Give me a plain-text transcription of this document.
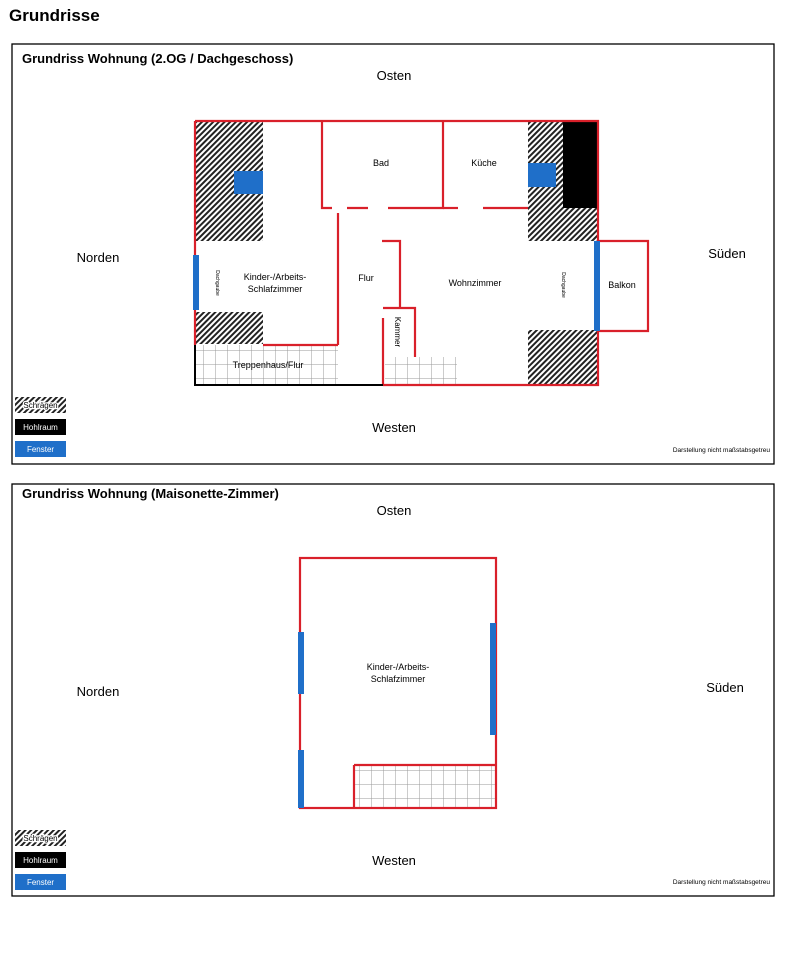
Grundrisse
Grundriss Wohnung (2.OG / Dachgeschoss)
Osten
Westen
Norden	Süden
Bad	Küche
Kinder-/Arbeits-
Schlafzimmer
Flur	Wohnzimmer	Balkon
Treppenhaus/Flur
Kammer
Dachgaube	Dachgaube
Schrägen
Hohlraum
Fenster	Darstellung nicht maßstabsgetreu
Grundriss Wohnung (Maisonette-Zimmer)
Osten
Westen
Norden	Süden
Kinder-/Arbeits-
Schlafzimmer
Schrägen
Hohlraum
Fenster	Darstellung nicht maßstabsgetreu
